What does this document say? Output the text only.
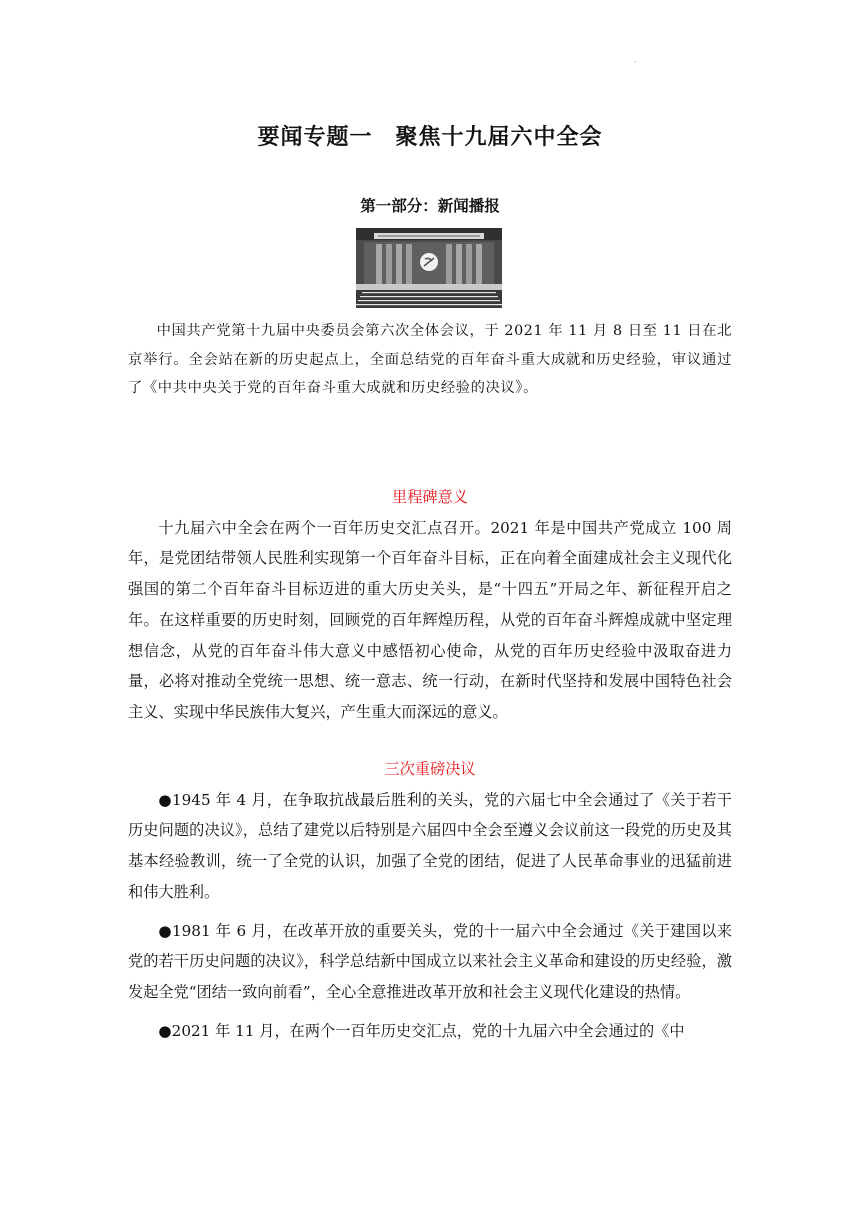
·
要闻专题一　聚焦十九届六中全会
第一部分：新闻播报

中国共产党第十九届中央委员会第六次全体会议，于 2021 年 11 月 8 日至 11 日在北京举行。全会站在新的历史起点上，全面总结党的百年奋斗重大成就和历史经验，审议通过了《中共中央关于党的百年奋斗重大成就和历史经验的决议》。

里程碑意义

十九届六中全会在两个一百年历史交汇点召开。2021 年是中国共产党成立 100 周年，是党团结带领人民胜利实现第一个百年奋斗目标，正在向着全面建成社会主义现代化强国的第二个百年奋斗目标迈进的重大历史关头，是“十四五”开局之年、新征程开启之年。在这样重要的历史时刻，回顾党的百年辉煌历程，从党的百年奋斗辉煌成就中坚定理想信念，从党的百年奋斗伟大意义中感悟初心使命，从党的百年历史经验中汲取奋进力量，必将对推动全党统一思想、统一意志、统一行动，在新时代坚持和发展中国特色社会主义、实现中华民族伟大复兴，产生重大而深远的意义。

三次重磅决议

●1945 年 4 月，在争取抗战最后胜利的关头，党的六届七中全会通过了《关于若干历史问题的决议》，总结了建党以后特别是六届四中全会至遵义会议前这一段党的历史及其基本经验教训，统一了全党的认识，加强了全党的团结，促进了人民革命事业的迅猛前进和伟大胜利。

●1981 年 6 月，在改革开放的重要关头，党的十一届六中全会通过《关于建国以来党的若干历史问题的决议》，科学总结新中国成立以来社会主义革命和建设的历史经验，激发起全党“团结一致向前看”，全心全意推进改革开放和社会主义现代化建设的热情。

●2021 年 11 月，在两个一百年历史交汇点，党的十九届六中全会通过的《中
